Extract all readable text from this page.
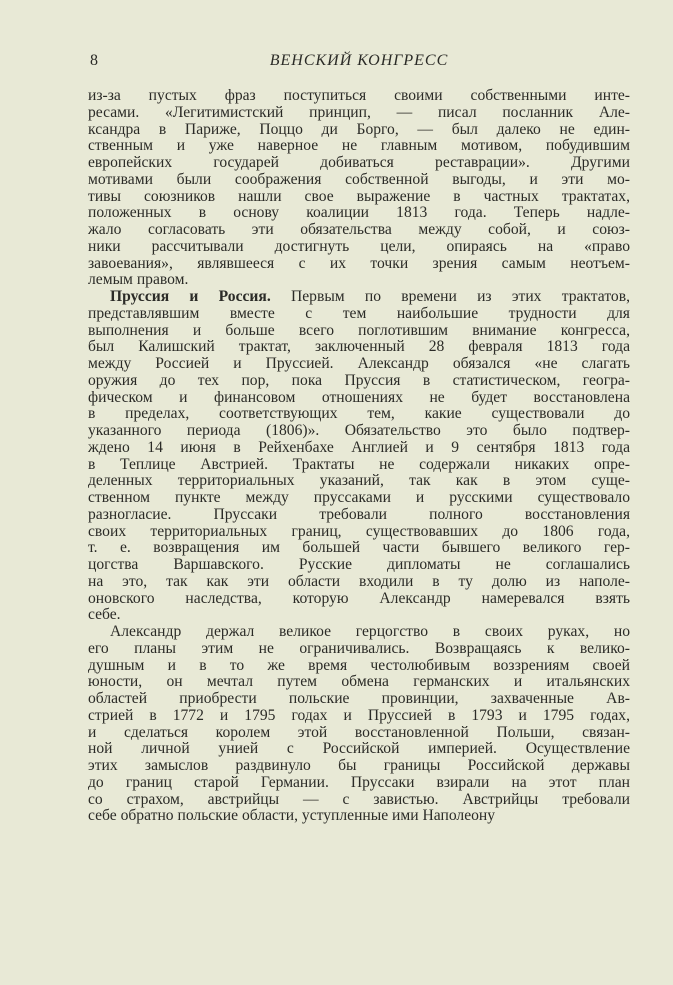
8	ВЕНСКИЙ КОНГРЕСС
из-за пустых фраз поступиться своими собственными инте-
ресами. «Легитимистский принцип, — писал посланник Але-
ксандра в Париже, Поццо ди Борго, — был далеко не един-
ственным и уже наверное не главным мотивом, побудившим
европейских государей добиваться реставрации». Другими
мотивами были соображения собственной выгоды, и эти мо-
тивы союзников нашли свое выражение в частных трактатах,
положенных в основу коалиции 1813 года. Теперь надле-
жало согласовать эти обязательства между собой, и союз-
ники рассчитывали достигнуть цели, опираясь на «право
завоевания», являвшееся с их точки зрения самым неотъем-
лемым правом.
Пруссия и Россия. Первым по времени из этих трактатов,
представлявшим вместе с тем наибольшие трудности для
выполнения и больше всего поглотившим внимание конгресса,
был Калишский трактат, заключенный 28 февраля 1813 года
между Россией и Пруссией. Александр обязался «не слагать
оружия до тех пор, пока Пруссия в статистическом, геогра-
фическом и финансовом отношениях не будет восстановлена
в пределах, соответствующих тем, какие существовали до
указанного периода (1806)». Обязательство это было подтвер-
ждено 14 июня в Рейхенбахе Англией и 9 сентября 1813 года
в Теплице Австрией. Трактаты не содержали никаких опре-
деленных территориальных указаний, так как в этом суще-
ственном пункте между пруссаками и русскими существовало
разногласие. Пруссаки требовали полного восстановления
своих территориальных границ, существовавших до 1806 года,
т. е. возвращения им большей части бывшего великого гер-
цогства Варшавского. Русские дипломаты не соглашались
на это, так как эти области входили в ту долю из наполе-
оновского наследства, которую Александр намеревался взять
себе.
Александр держал великое герцогство в своих руках, но
его планы этим не ограничивались. Возвращаясь к велико-
душным и в то же время честолюбивым воззрениям своей
юности, он мечтал путем обмена германских и итальянских
областей приобрести польские провинции, захваченные Ав-
стрией в 1772 и 1795 годах и Пруссией в 1793 и 1795 годах,
и сделаться королем этой восстановленной Польши, связан-
ной личной унией с Российской империей. Осуществление
этих замыслов раздвинуло бы границы Российской державы
до границ старой Германии. Пруссаки взирали на этот план
со страхом, австрийцы — с завистью. Австрийцы требовали
себе обратно польские области, уступленные ими Наполеону
